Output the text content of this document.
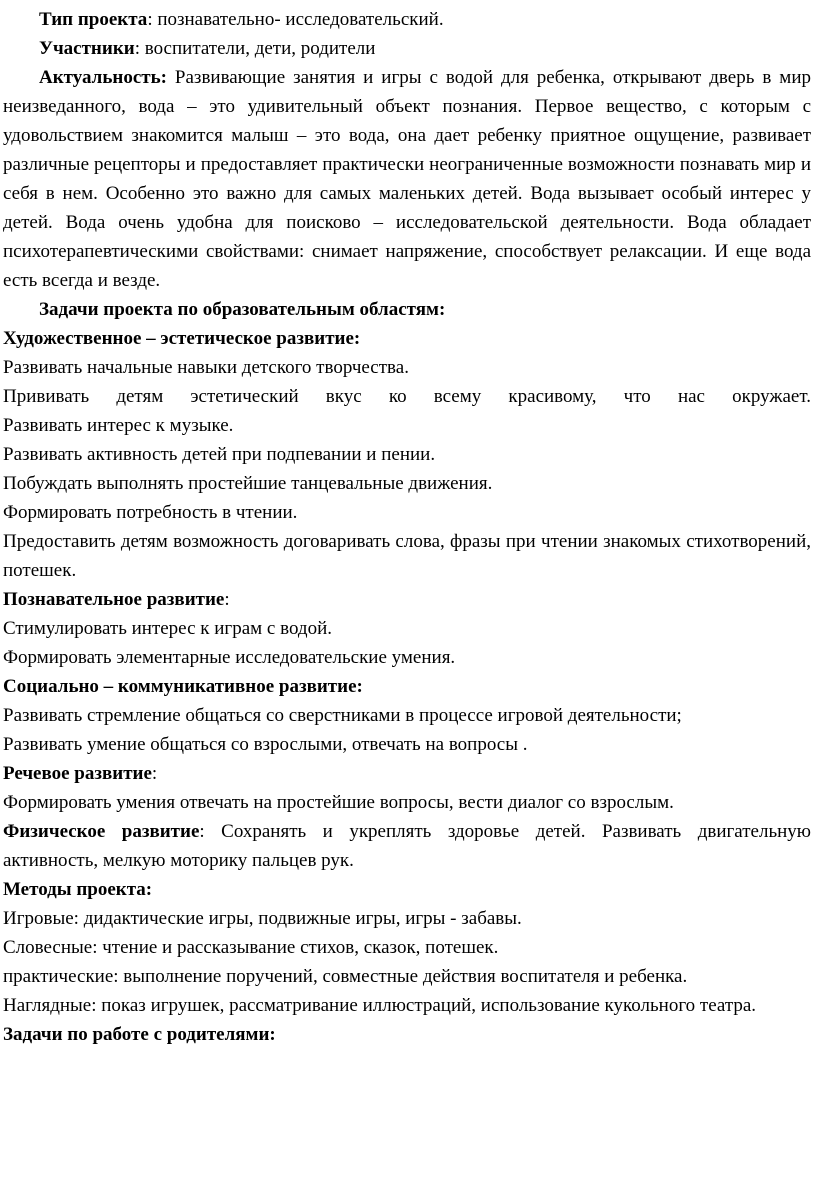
Тип проекта: познавательно- исследовательский.

Участники: воспитатели, дети, родители

Актуальность: Развивающие занятия и игры с водой для ребенка, открывают дверь в мир неизведанного, вода – это удивительный объект познания. Первое вещество, с которым с удовольствием знакомится малыш – это вода, она дает ребенку приятное ощущение, развивает различные рецепторы и предоставляет практически неограниченные возможности познавать мир и себя в нем. Особенно это важно для самых маленьких детей. Вода вызывает особый интерес у детей. Вода очень удобна для поисково – исследовательской деятельности. Вода обладает психотерапевтическими свойствами: снимает напряжение, способствует релаксации. И еще вода есть всегда и везде.

Задачи проекта по образовательным областям:

Художественное – эстетическое развитие:

Развивать начальные навыки детского творчества.

Прививать детям эстетический вкус ко всему красивому, что нас окружает.

Развивать интерес к музыке.

Развивать активность детей при подпевании и пении.

Побуждать выполнять простейшие танцевальные движения.

Формировать потребность в чтении.

Предоставить детям возможность договаривать слова, фразы при чтении знакомых стихотворений, потешек.

Познавательное развитие:

Стимулировать интерес к играм с водой.

Формировать элементарные исследовательские умения.

Социально – коммуникативное развитие:

Развивать стремление общаться со сверстниками в процессе игровой деятельности;

Развивать умение общаться со взрослыми, отвечать на вопросы .

Речевое развитие:

Формировать умения отвечать на простейшие вопросы, вести диалог со взрослым.

Физическое развитие: Сохранять и укреплять здоровье детей. Развивать двигательную активность, мелкую моторику пальцев рук.

Методы проекта:

Игровые: дидактические игры, подвижные игры, игры - забавы.

Словесные: чтение и рассказывание стихов, сказок, потешек.

практические: выполнение поручений, совместные действия воспитателя и ребенка.

Наглядные: показ игрушек, рассматривание иллюстраций, использование кукольного театра.

Задачи по работе с родителями:
